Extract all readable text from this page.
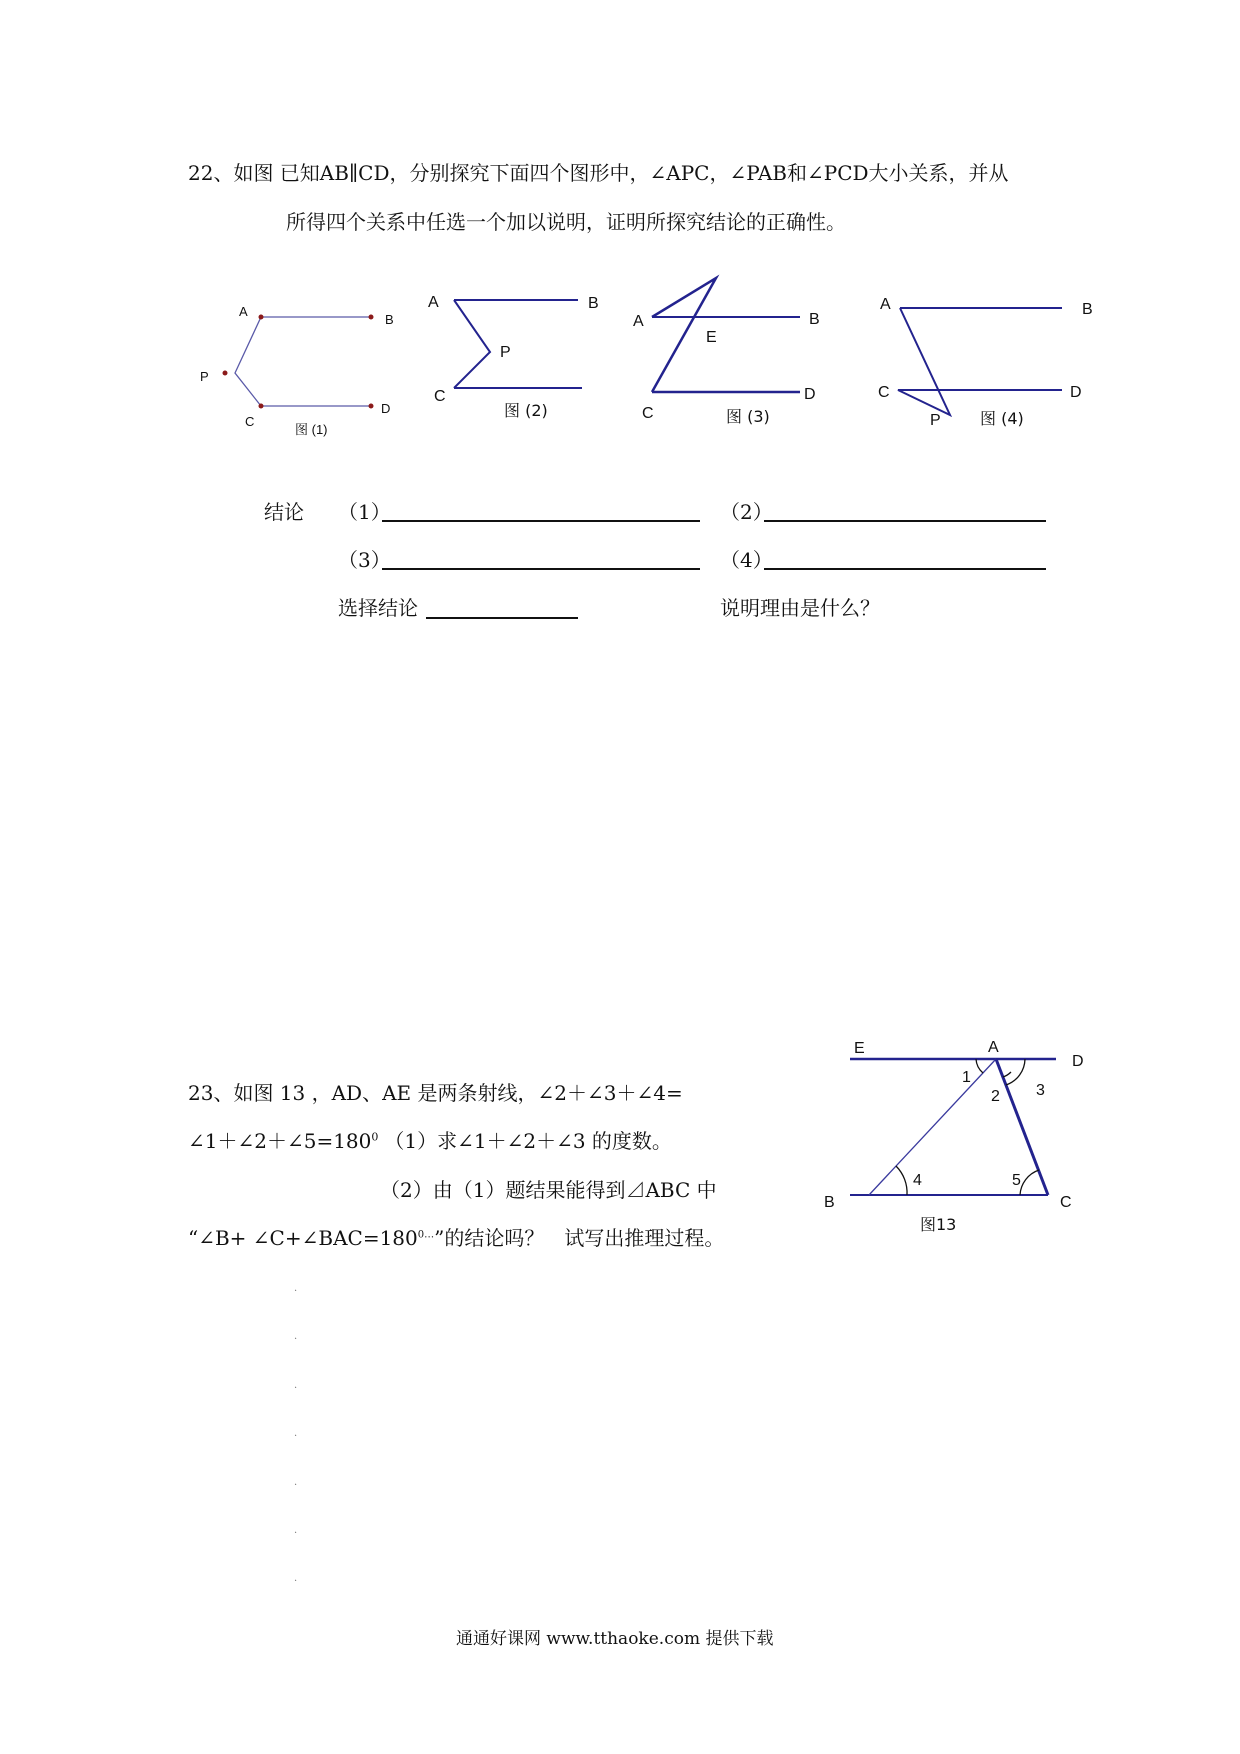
22、如图 已知AB∥CD，分别探究下面四个图形中，∠APC，∠PAB和∠PCD大小关系，并从
所得四个关系中任选一个加以说明，证明所探究结论的正确性。
A
B
P
C
D
图 (1)
A	B
P
C
图 (2)
A	B
E
C
D
图 (3)
A	B
C	D
P 图 (4)
结论 （1）	（2）
（3）	（4）
选择结论	说明理由是什么？
E	A
D
1
2 3
4	5
B	C
图13
23、如图 13 ，AD、AE 是两条射线，∠2＋∠3＋∠4=
$\angle 1+\angle 2+\angle 5=180^0$ （1）求∠1＋∠2＋∠3 的度数。
（2）由（1）题结果能得到⊿ABC 中
“∠B+ $\angle C+\angle BAC=180^{0\dots}$”的结论吗？　试写出推理过程。
.
.
.
.
.
.
.
通通好课网 www.tthaoke.com 提供下载
